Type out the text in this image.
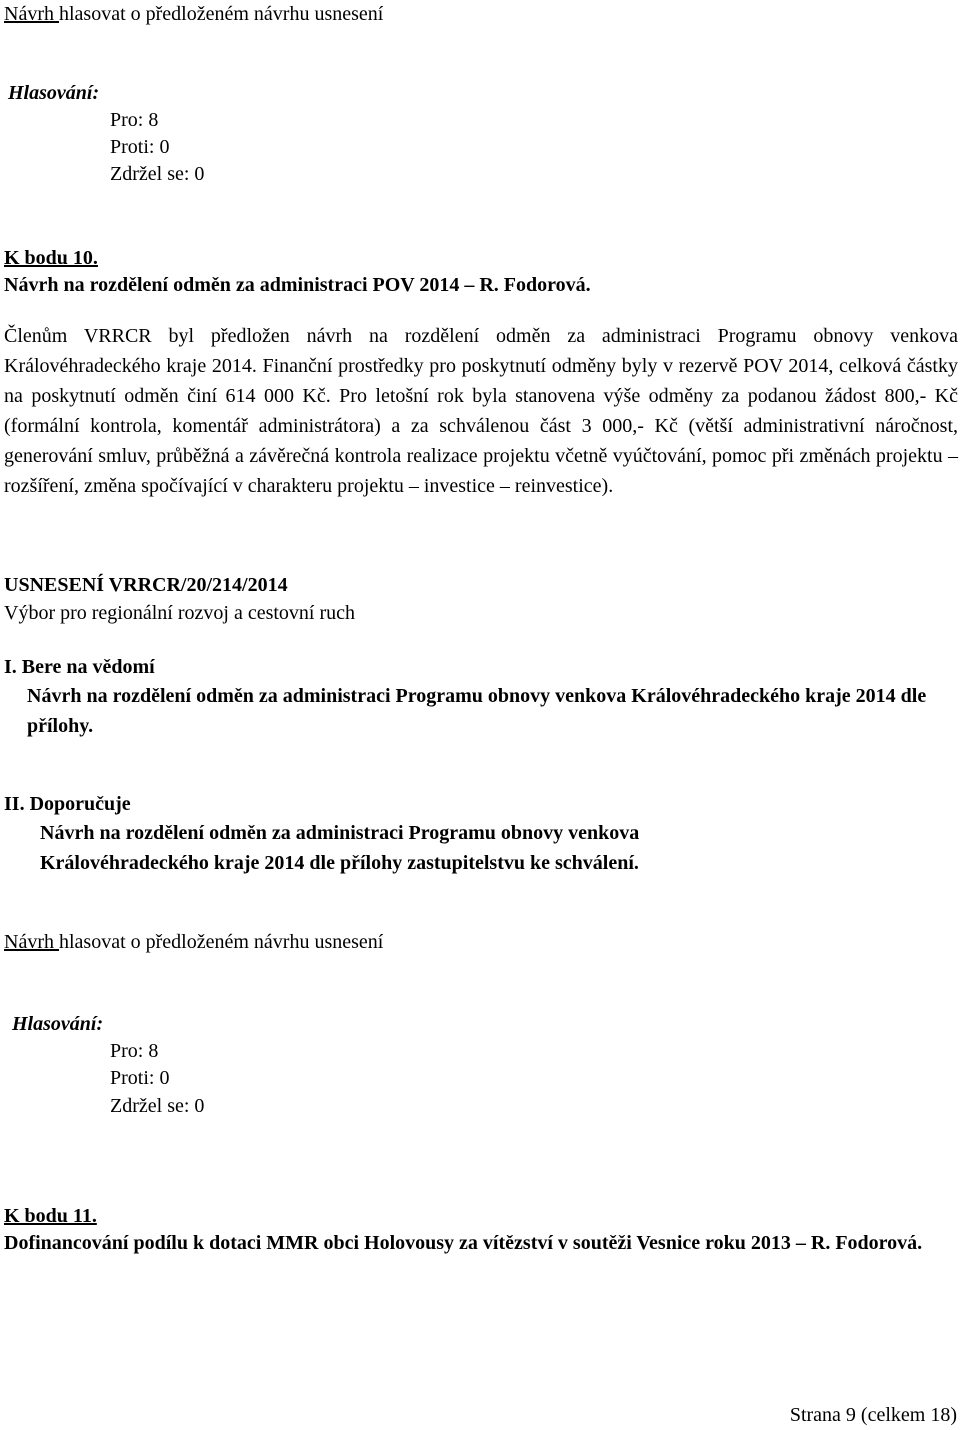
Návrh hlasovat o předloženém návrhu usnesení
Hlasování:
Pro: 8
Proti: 0
Zdržel se: 0
K bodu 10.
Návrh na rozdělení odměn za administraci POV 2014 – R. Fodorová.
Členům VRRCR byl předložen návrh na rozdělení odměn za administraci Programu obnovy venkova Královéhradeckého kraje 2014. Finanční prostředky pro poskytnutí odměny byly v rezervě POV 2014, celková částky na poskytnutí odměn činí 614 000 Kč. Pro letošní rok byla stanovena výše odměny za podanou žádost 800,- Kč (formální kontrola, komentář administrátora) a za schválenou část 3 000,- Kč (větší administrativní náročnost, generování smluv, průběžná a závěrečná kontrola realizace projektu včetně vyúčtování, pomoc při změnách projektu – rozšíření, změna spočívající v charakteru projektu – investice – reinvestice).
USNESENÍ VRRCR/20/214/2014
Výbor pro regionální rozvoj a cestovní ruch
I. Bere na vědomí
Návrh na rozdělení odměn za administraci Programu obnovy venkova Královéhradeckého kraje 2014 dle přílohy.
II. Doporučuje
Návrh na rozdělení odměn za administraci Programu obnovy venkova Královéhradeckého kraje 2014 dle přílohy zastupitelstvu ke schválení.
Návrh hlasovat o předloženém návrhu usnesení
Hlasování:
Pro: 8
Proti: 0
Zdržel se: 0
K bodu 11.
Dofinancování podílu k dotaci MMR obci Holovousy za vítězství v soutěži Vesnice roku 2013 – R. Fodorová.
Strana 9 (celkem 18)
